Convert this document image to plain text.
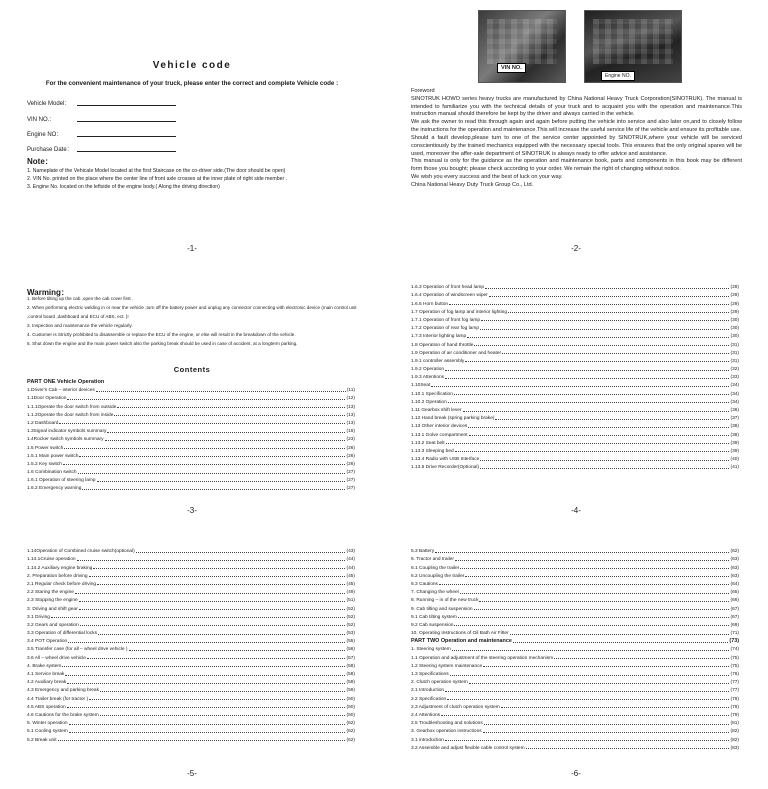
Vehicle code
For the convenient maintenance of your truck, please enter the correct and complete Vehicle code :
Vehicle Model：
VIN NO.：
Engine NO：
Purchase Date：
Note：
1. Nameplate of the Vehicale Model located at the first Staircase on the co-driver side.(The door should be open)
2. VIN No. printed on the place where the center line of front axle crosses at the inner plate of right side member .
3. Engine No. located on the leftside of the engine body.( Along the driving direction)
-1-
VIN NO.
Engine NO.

Foreword

SINOTRUK HOWO series heavy trucks are manufactured by China National Heavy Truck Corporation(SINOTRUK). The manual is intended to familiarize you with the technical details of your truck and to acquaint you with the operation and maintenance.This instruction manual should therefore be kept by the driver and always carried in the vehicle.

We ask the owner to read this through again and again before putting the vehicle into service and also later on,and to closely follow the instructions for the operation and maintenance.This will increase the useful service life of the vehicle and ensure its profitable use.

Should a fault develop,please turn to one of the service center appointed by SINOTRUK,where your vehicle will be serviced conscientiously by the trained mechanics equipped with the necessary special tools. This ensures that the only original spares will be used, moreover the affer-sale department of SINOTRUK is always ready to offer advice and assistance.

This manual is only for the guidance as the operation and maintenance book, parts and components in this book may be different form those you bought; please check according to your order. We remain the right of changing without notice.

We wish you every success and the best of luck on your way.

China National Heavy Duty Truck Group Co., Ltd.

-2-
Warming：

1. Before tilting up the cab ,open the cab cover first .

2. When performing electric welding in or near the vehicle ,turn off the battery power and unplug any connector connecting with electronic device (main control unit ,control board ,dashboard and ECU of ABS, ect. )!

3. Inspection and maintenance the vehicle regularly.

4. Customer is Strictly prohibited to disassemble or replace the ECU of the engine, or else will result in the breakdown of the vehicle.

5. Shut down the engine and the main power switch also the parking break should be used in case of accident, at a longterm parking.

Contents
PART ONE Vehicle Operation
1.Driver's Cab – interior devices	(11)
1.1Door Operation	(12)
1.1.1Operate the door switch from outside	(13)
1.1.2Operate the door switch from inside	(13)
1.2 Dashboard	(13)
1.3Signal indicator symbols summary	(16)
1.4Rocker switch symbols summary	(23)
1.5 Power switch	(26)
1.5.1 Main power switch	(26)
1.5.2 Key switch	(26)
1.6 Combination switch	(27)
1.6.1 Operation of steering lamp	(27)
1.6.2 Emergency warning	(27)
-3-
1.6.3 Operation of front head lamp	(28)
1.6.4 Operation of windscreen wiper	(28)
1.6.5 Horn button	(29)
1.7 Operation of fog lamp and interior lighting	(29)
1.7.1 Operation of front fog lamp	(30)
1.7.2 Operation of rear fog lamp	(30)
1.7.3 Interior lighting lamp	(30)
1.8 Operation of hand throttle	(31)
1.9 Operation of air conditioner and heater	(31)
1.9.1 controller assembly	(31)
1.9.2 Operation	(32)
1.9.3 Attentions	(33)
1.10Seat	(34)
1.10.1 Specification	(34)
1.10.2 Operation	(34)
1.11 Gearbox shift lever	(36)
1.12 Hand break (spring parking brake)	(37)
1.13 Other interior devices	(38)
1.13.1 Golve compartment	(38)
1.13.2 Seat belt	(39)
1.13.3 Sleeping bed	(39)
1.13.4 Radio with USB Interface	(40)
1.13.5 Drive Recorder(Optional)	(41)
-4-
1.14Operation of Combined cruise switch(optional)	(43)
1.14.1Cruise operation	(44)
1.14.2 Auxiliary engine braking	(44)
2. Preparation before driving	(45)
2.1 Regular check before driving	(45)
2.2 Staring the engine	(49)
2.3 Stopping the engine	(51)
3. Driving and shift gear	(52)
3.1 Driving	(52)
3.2 Gears and operation	(52)
3.3 Operation of differential locks	(53)
3.4 POT Operation	(55)
3.5 Transfer case (for all – wheel drive vehicle )	(56)
3.6 All – wheel drive vehicle	(57)
4. Brake system	(58)
4.1 Service break	(58)
4.2 Auxiliary break	(59)
4.3 Emergency and parking break	(59)
4.4 Trailer break (for tractor )	(60)
4.5 ABS operation	(60)
4.6 Cautions for the brake system	(60)
5. Winter operation	(62)
5.1 Cooling system	(62)
5.2 Break unit	(62)
-5-
5.3 Battery	(62)
6. Tractor and trailer	(63)
6.1 Coupling the trailer	(63)
6.2 Uncoupling the trailer	(63)
6.3 Cautions	(64)
7. Changing the wheel	(65)
8. Running – in of the new truck	(66)
9. Cab tilting and suspension	(67)
9.1 Cab tilting system	(67)
9.2 Cab suspension	(69)
10. Operating Instructions of Oil Bath Air Filter	(71)
PART TWO Operation and maintenance	(73)
1. Steering system	(74)
1.1 Operation and adjustment of the steering operation mechanism	(75)
1.2 Steering system maintenance	(75)
1.3 Specifications	(76)
2. Clutch operation system	(77)
2.1 Introduction	(77)
2.2 Specification	(78)
2.3 Adjustment of clutch operation system	(78)
2.4 Attentions	(79)
2.5 Troubleshooting and solutions	(81)
3. Gearbox operation instructions	(82)
3.1 introduction	(82)
3.2 Assemble and adjust flexible cable control system	(83)
-6-
